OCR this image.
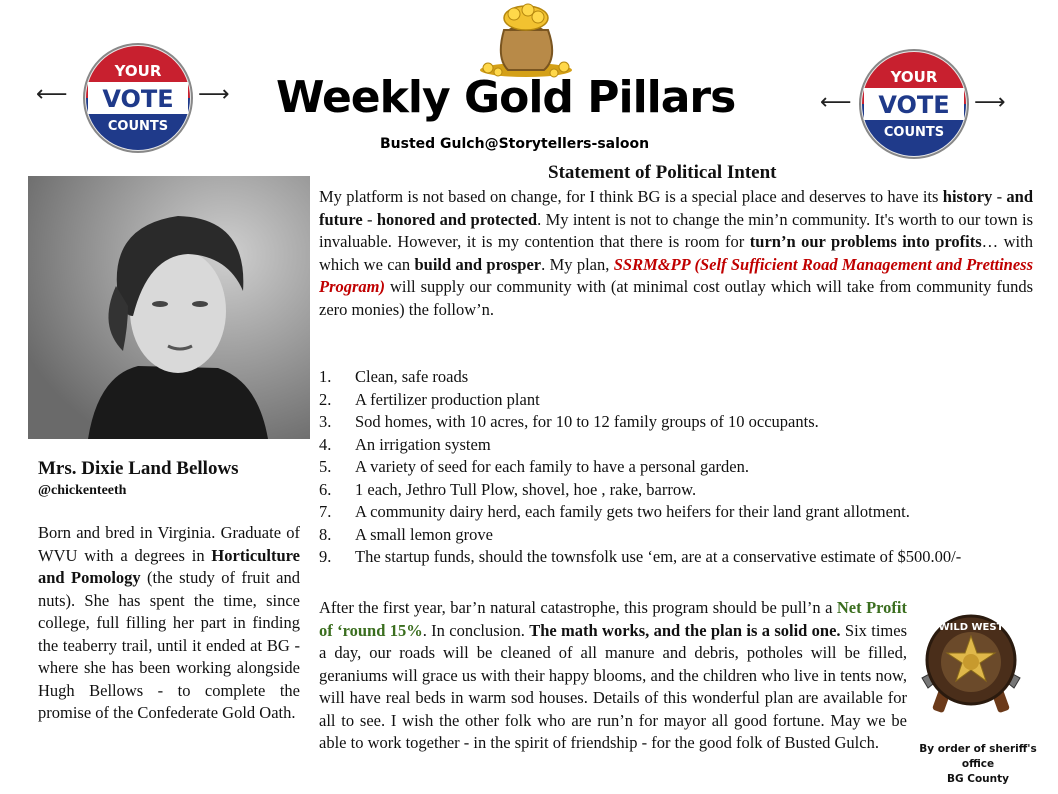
⟵
YOUR
VOTE
COUNTS
⟶	⟵
YOUR
VOTE
COUNTS
⟶
Weekly Gold Pillars
Busted Gulch@Storytellers-saloon
Mrs. Dixie Land Bellows
@chickenteeth
Born and bred in Virginia. Graduate of WVU with a degrees in Horticulture and Pomology (the study of fruit and nuts). She has spent the time, since college, full filling her part in finding the teaberry trail, until it ended at BG - where she has been working alongside Hugh Bellows - to complete the promise of the Confederate Gold Oath.
Statement of Political Intent

My platform is not based on change, for I think BG is a special place and deserves to have its history - and future - honored and protected. My intent is not to change the min’n community. It's worth to our town is invaluable. However, it is my contention that there is room for turn’n our problems into profits… with which we can build and prosper. My plan, SSRM&PP (Self Sufficient Road Management and Prettiness Program) will supply our community with (at minimal cost outlay which will take from community funds zero monies) the follow’n.

1.	Clean, safe roads
2.	A fertilizer production plant
3.	Sod homes, with 10 acres, for 10 to 12 family groups of 10 occupants.
4.	An irrigation system
5.	A variety of seed for each family to have a personal garden.
6.	1 each, Jethro Tull Plow, shovel, hoe , rake, barrow.
7.	A community dairy herd, each family gets two heifers for their land grant allotment.
8.	A small lemon grove
9.	The startup funds, should the townsfolk use ‘em, are at a conservative estimate of $500.00/-

After the first year, bar’n natural catastrophe, this program should be pull’n a Net Profit of ‘round 15%. In conclusion. The math works, and the plan is a solid one. Six times a day, our roads will be cleaned of all manure and debris, potholes will be filled, geraniums will grace us with their happy blooms, and the children who live in tents now, will have real beds in warm sod houses. Details of this wonderful plan are available for all to see. I wish the other folk who are run’n for mayor all good fortune. May we be able to work together - in the spirit of friendship - for the good folk of Busted Gulch.

WILD WEST
By order of sheriff's office
BG County
